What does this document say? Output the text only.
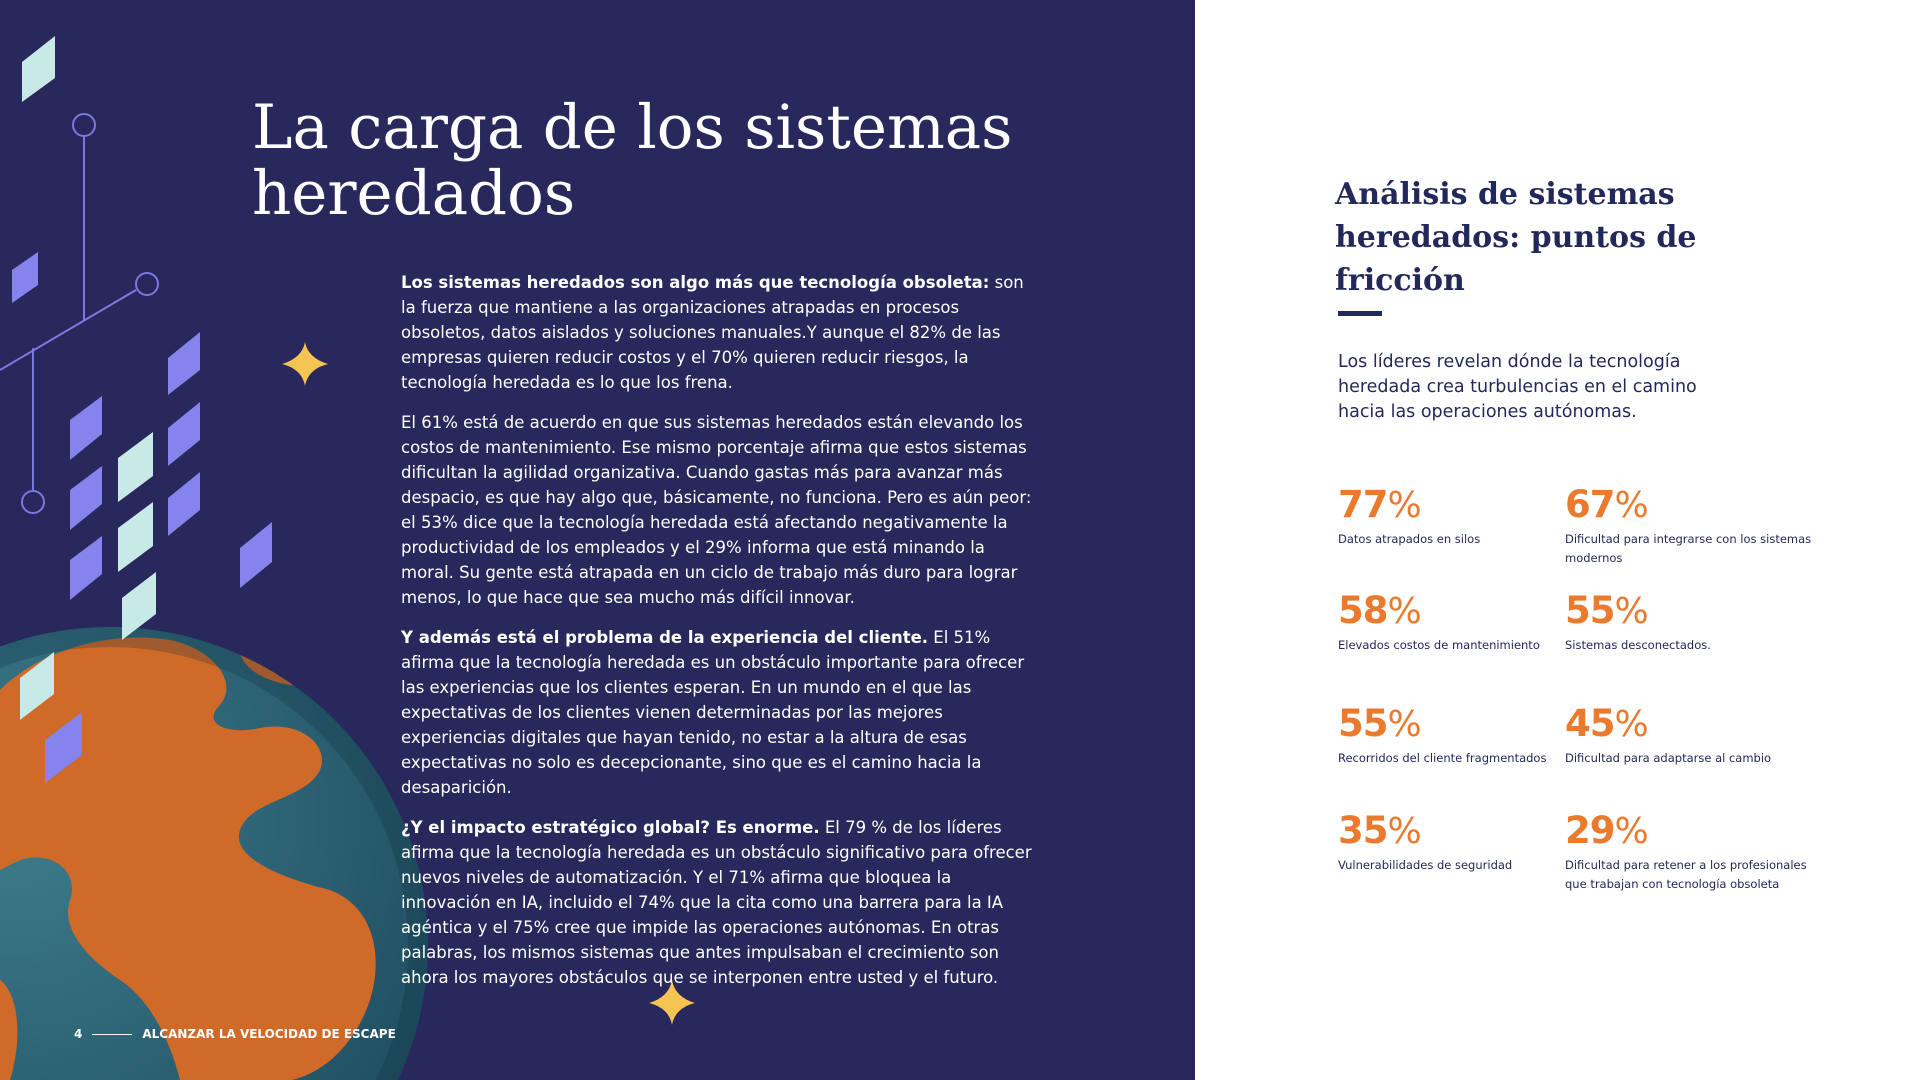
La carga de los sistemas heredados

Los sistemas heredados son algo más que tecnología obsoleta: son la fuerza que mantiene a las organizaciones atrapadas en procesos obsoletos, datos aislados y soluciones manuales.Y aunque el 82% de las empresas quieren reducir costos y el 70% quieren reducir riesgos, la tecnología heredada es lo que los frena.

El 61% está de acuerdo en que sus sistemas heredados están elevando los costos de mantenimiento. Ese mismo porcentaje afirma que estos sistemas dificultan la agilidad organizativa. Cuando gastas más para avanzar más despacio, es que hay algo que, básicamente, no funciona. Pero es aún peor: el 53% dice que la tecnología heredada está afectando negativamente la productividad de los empleados y el 29% informa que está minando la moral. Su gente está atrapada en un ciclo de trabajo más duro para lograr menos, lo que hace que sea mucho más difícil innovar.

Y además está el problema de la experiencia del cliente. El 51% afirma que la tecnología heredada es un obstáculo importante para ofrecer las experiencias que los clientes esperan. En un mundo en el que las expectativas de los clientes vienen determinadas por las mejores experiencias digitales que hayan tenido, no estar a la altura de esas expectativas no solo es decepcionante, sino que es el camino hacia la desaparición.

¿Y el impacto estratégico global? Es enorme. El 79 % de los líderes afirma que la tecnología heredada es un obstáculo significativo para ofrecer nuevos niveles de automatización. Y el 71% afirma que bloquea la innovación en IA, incluido el 74% que la cita como una barrera para la IA agéntica y el 75% cree que impide las operaciones autónomas. En otras palabras, los mismos sistemas que antes impulsaban el crecimiento son ahora los mayores obstáculos que se interponen entre usted y el futuro.

4	ALCANZAR LA VELOCIDAD DE ESCAPE
Análisis de sistemas heredados: puntos de fricción
Los líderes revelan dónde la tecnología heredada crea turbulencias en el camino hacia las operaciones autónomas.
77%
Datos atrapados en silos
67%
Dificultad para integrarse con los sistemas modernos
58%
Elevados costos de mantenimiento
55%
Sistemas desconectados.
55%
Recorridos del cliente fragmentados
45%
Dificultad para adaptarse al cambio
35%
Vulnerabilidades de seguridad
29%
Dificultad para retener a los profesionales que trabajan con tecnología obsoleta
